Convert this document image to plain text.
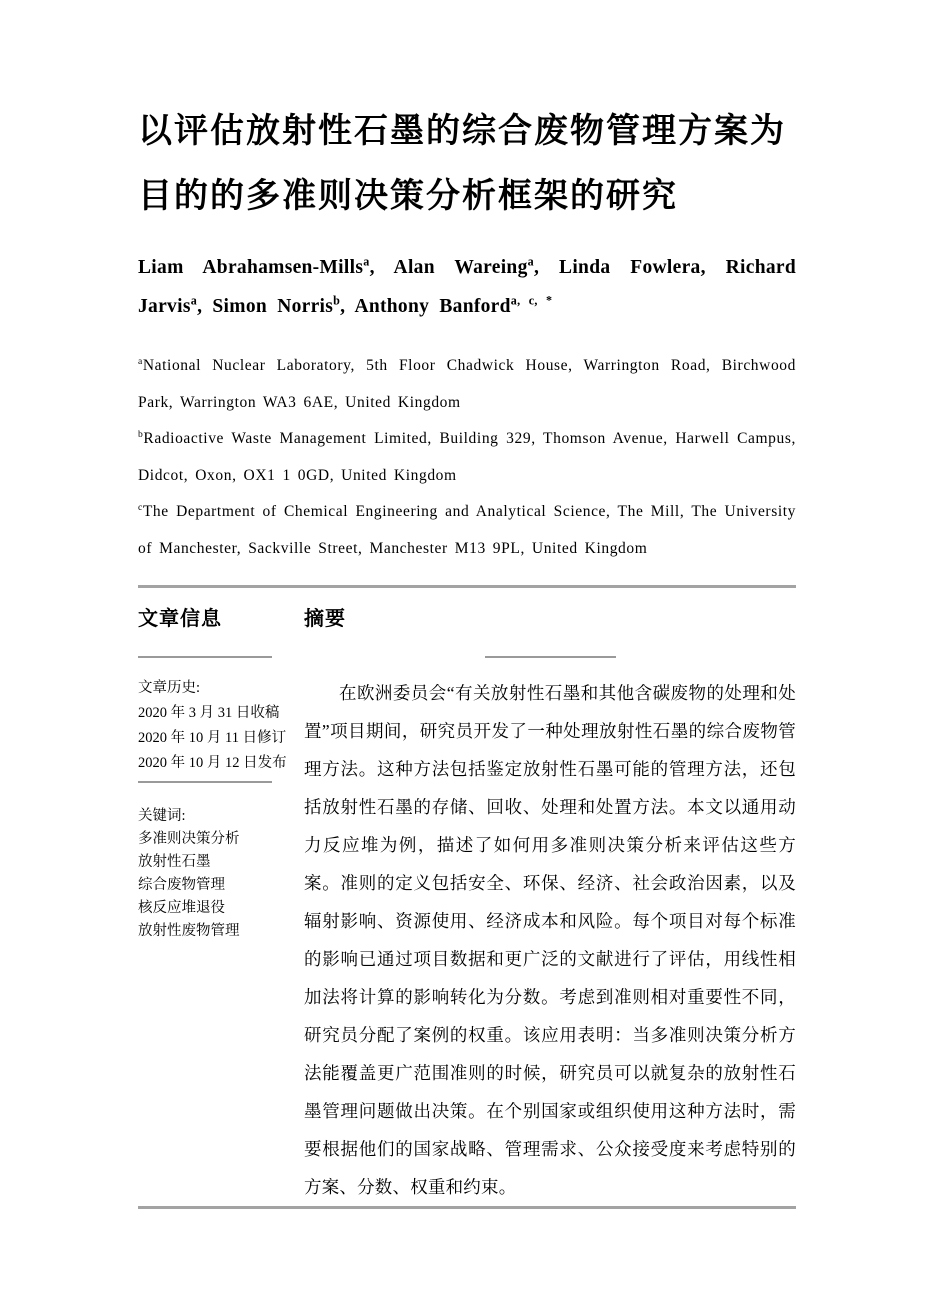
以评估放射性石墨的综合废物管理方案为目的的多准则决策分析框架的研究

Liam Abrahamsen-Mills$^a$, Alan Wareing$^a$, Linda Fowlera, Richard Jarvis$^a$, Simon Norris$^b$, Anthony Banford$^{a, c, *}$

$^a$National Nuclear Laboratory, 5th Floor Chadwick House, Warrington Road, Birchwood Park, Warrington WA3 6AE, United Kingdom

$^b$Radioactive Waste Management Limited, Building 329, Thomson Avenue, Harwell Campus, Didcot, Oxon, OX1 1 0GD, United Kingdom

$^c$The Department of Chemical Engineering and Analytical Science, The Mill, The University of Manchester, Sackville Street, Manchester M13 9PL, United Kingdom

文章信息
文章历史:
2020 年 3 月 31 日收稿
2020 年 10 月 11 日修订
2020 年 10 月 12 日发布
关键词:
多准则决策分析
放射性石墨
综合废物管理
核反应堆退役
放射性废物管理
摘要

在欧洲委员会“有关放射性石墨和其他含碳废物的处理和处置”项目期间，研究员开发了一种处理放射性石墨的综合废物管理方法。这种方法包括鉴定放射性石墨可能的管理方法，还包括放射性石墨的存储、回收、处理和处置方法。本文以通用动力反应堆为例，描述了如何用多准则决策分析来评估这些方案。准则的定义包括安全、环保、经济、社会政治因素，以及辐射影响、资源使用、经济成本和风险。每个项目对每个标准的影响已通过项目数据和更广泛的文献进行了评估，用线性相加法将计算的影响转化为分数。考虑到准则相对重要性不同，研究员分配了案例的权重。该应用表明：当多准则决策分析方法能覆盖更广范围准则的时候，研究员可以就复杂的放射性石墨管理问题做出决策。在个别国家或组织使用这种方法时，需要根据他们的国家战略、管理需求、公众接受度来考虑特别的方案、分数、权重和约束。
